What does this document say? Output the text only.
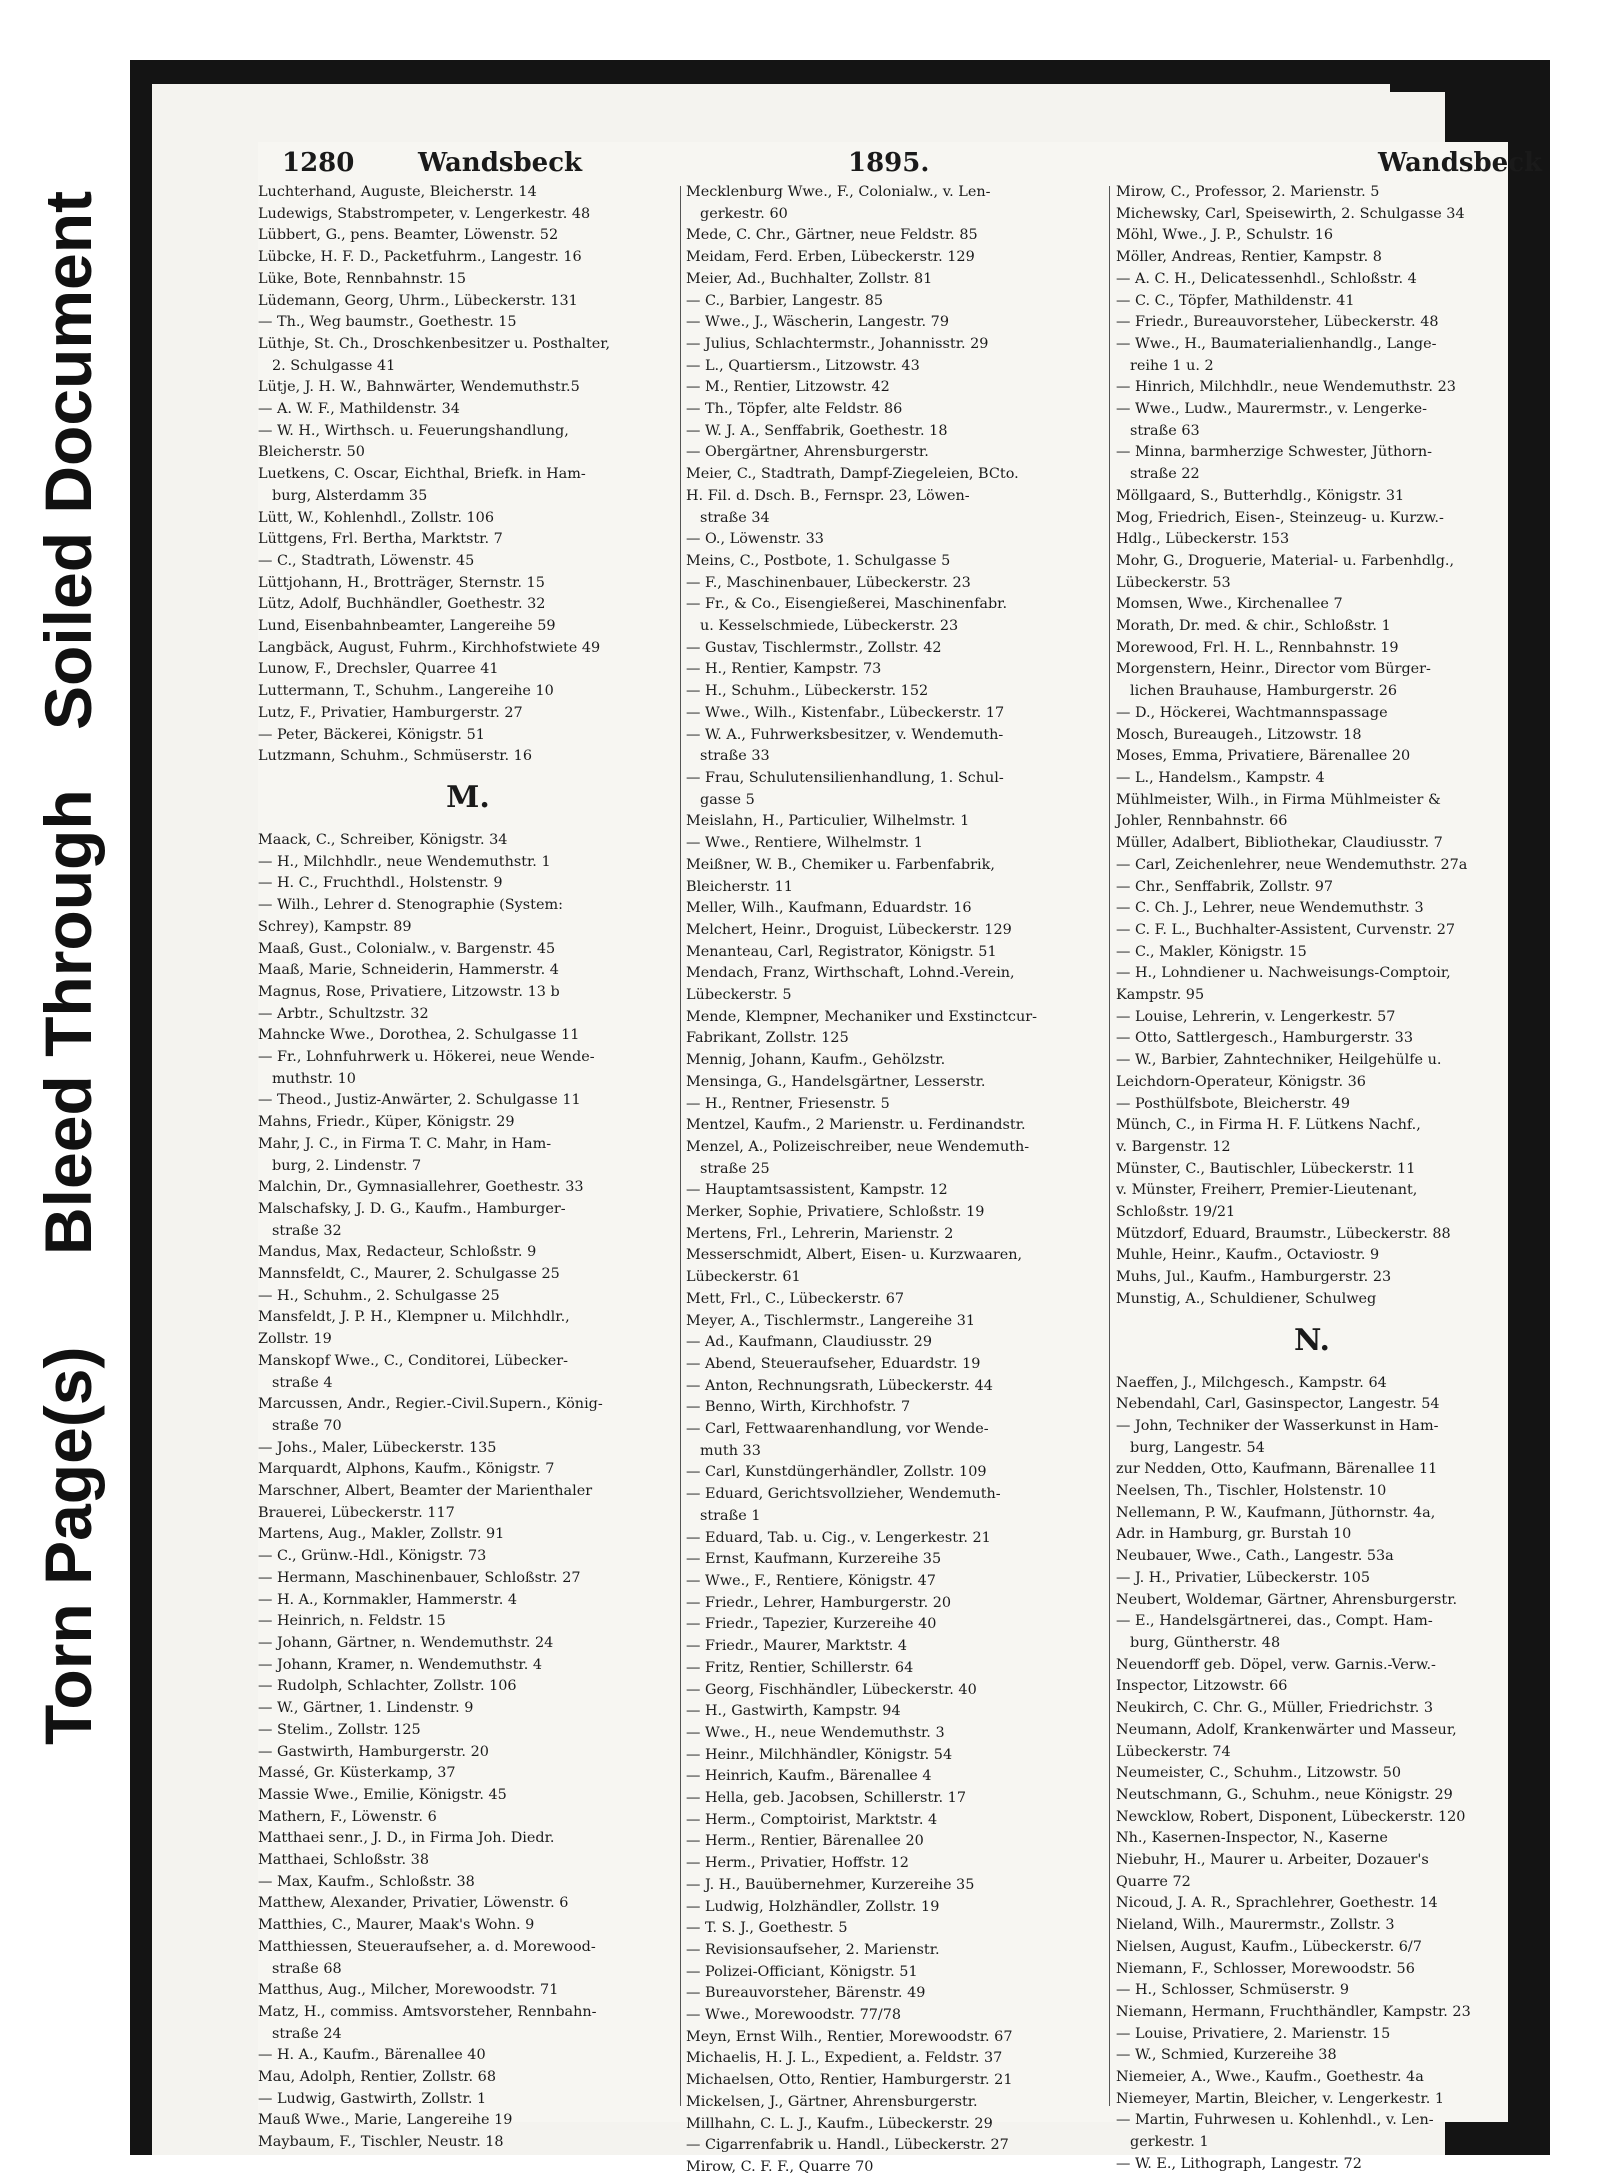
Torn Page(s)
Bleed Through
Soiled Document
1280 Wandsbeck	1895.	Wandsbeck
Luchterhand, Auguste, Bleicherstr. 14
Ludewigs, Stabstrompeter, v. Lengerkestr. 48
Lübbert, G., pens. Beamter, Löwenstr. 52
Lübcke, H. F. D., Packetfuhrm., Langestr. 16
Lüke, Bote, Rennbahnstr. 15
Lüdemann, Georg, Uhrm., Lübeckerstr. 131
— Th., Weg baumstr., Goethestr. 15
Lüthje, St. Ch., Droschkenbesitzer u. Posthalter,
2. Schulgasse 41
Lütje, J. H. W., Bahnwärter, Wendemuthstr.5
— A. W. F., Mathildenstr. 34
— W. H., Wirthsch. u. Feuerungshandlung,
Bleicherstr. 50
Luetkens, C. Oscar, Eichthal, Briefk. in Ham-
burg, Alsterdamm 35
Lütt, W., Kohlenhdl., Zollstr. 106
Lüttgens, Frl. Bertha, Marktstr. 7
— C., Stadtrath, Löwenstr. 45
Lüttjohann, H., Brotträger, Sternstr. 15
Lütz, Adolf, Buchhändler, Goethestr. 32
Lund, Eisenbahnbeamter, Langereihe 59
Langbäck, August, Fuhrm., Kirchhofstwiete 49
Lunow, F., Drechsler, Quarree 41
Luttermann, T., Schuhm., Langereihe 10
Lutz, F., Privatier, Hamburgerstr. 27
— Peter, Bäckerei, Königstr. 51
Lutzmann, Schuhm., Schmüserstr. 16
M.
Maack, C., Schreiber, Königstr. 34
— H., Milchhdlr., neue Wendemuthstr. 1
— H. C., Fruchthdl., Holstenstr. 9
— Wilh., Lehrer d. Stenographie (System:
Schrey), Kampstr. 89
Maaß, Gust., Colonialw., v. Bargenstr. 45
Maaß, Marie, Schneiderin, Hammerstr. 4
Magnus, Rose, Privatiere, Litzowstr. 13 b
— Arbtr., Schultzstr. 32
Mahncke Wwe., Dorothea, 2. Schulgasse 11
— Fr., Lohnfuhrwerk u. Hökerei, neue Wende-
muthstr. 10
— Theod., Justiz-Anwärter, 2. Schulgasse 11
Mahns, Friedr., Küper, Königstr. 29
Mahr, J. C., in Firma T. C. Mahr, in Ham-
burg, 2. Lindenstr. 7
Malchin, Dr., Gymnasiallehrer, Goethestr. 33
Malschafsky, J. D. G., Kaufm., Hamburger-
straße 32
Mandus, Max, Redacteur, Schloßstr. 9
Mannsfeldt, C., Maurer, 2. Schulgasse 25
— H., Schuhm., 2. Schulgasse 25
Mansfeldt, J. P. H., Klempner u. Milchhdlr.,
Zollstr. 19
Manskopf Wwe., C., Conditorei, Lübecker-
straße 4
Marcussen, Andr., Regier.-Civil.Supern., König-
straße 70
— Johs., Maler, Lübeckerstr. 135
Marquardt, Alphons, Kaufm., Königstr. 7
Marschner, Albert, Beamter der Marienthaler
Brauerei, Lübeckerstr. 117
Martens, Aug., Makler, Zollstr. 91
— C., Grünw.-Hdl., Königstr. 73
— Hermann, Maschinenbauer, Schloßstr. 27
— H. A., Kornmakler, Hammerstr. 4
— Heinrich, n. Feldstr. 15
— Johann, Gärtner, n. Wendemuthstr. 24
— Johann, Kramer, n. Wendemuthstr. 4
— Rudolph, Schlachter, Zollstr. 106
— W., Gärtner, 1. Lindenstr. 9
— Stelim., Zollstr. 125
— Gastwirth, Hamburgerstr. 20
Massé, Gr. Küsterkamp, 37
Massie Wwe., Emilie, Königstr. 45
Mathern, F., Löwenstr. 6
Matthaei senr., J. D., in Firma Joh. Diedr.
Matthaei, Schloßstr. 38
— Max, Kaufm., Schloßstr. 38
Matthew, Alexander, Privatier, Löwenstr. 6
Matthies, C., Maurer, Maak's Wohn. 9
Matthiessen, Steueraufseher, a. d. Morewood-
straße 68
Matthus, Aug., Milcher, Morewoodstr. 71
Matz, H., commiss. Amtsvorsteher, Rennbahn-
straße 24
— H. A., Kaufm., Bärenallee 40
Mau, Adolph, Rentier, Zollstr. 68
— Ludwig, Gastwirth, Zollstr. 1
Mauß Wwe., Marie, Langereihe 19
Maybaum, F., Tischler, Neustr. 18
Mecklenburg Wwe., F., Colonialw., v. Len-
gerkestr. 60
Mede, C. Chr., Gärtner, neue Feldstr. 85
Meidam, Ferd. Erben, Lübeckerstr. 129
Meier, Ad., Buchhalter, Zollstr. 81
— C., Barbier, Langestr. 85
— Wwe., J., Wäscherin, Langestr. 79
— Julius, Schlachtermstr., Johannisstr. 29
— L., Quartiersm., Litzowstr. 43
— M., Rentier, Litzowstr. 42
— Th., Töpfer, alte Feldstr. 86
— W. J. A., Senffabrik, Goethestr. 18
— Obergärtner, Ahrensburgerstr.
Meier, C., Stadtrath, Dampf-Ziegeleien, BCto.
H. Fil. d. Dsch. B., Fernspr. 23, Löwen-
straße 34
— O., Löwenstr. 33
Meins, C., Postbote, 1. Schulgasse 5
— F., Maschinenbauer, Lübeckerstr. 23
— Fr., & Co., Eisengießerei, Maschinenfabr.
u. Kesselschmiede, Lübeckerstr. 23
— Gustav, Tischlermstr., Zollstr. 42
— H., Rentier, Kampstr. 73
— H., Schuhm., Lübeckerstr. 152
— Wwe., Wilh., Kistenfabr., Lübeckerstr. 17
— W. A., Fuhrwerksbesitzer, v. Wendemuth-
straße 33
— Frau, Schulutensilienhandlung, 1. Schul-
gasse 5
Meislahn, H., Particulier, Wilhelmstr. 1
— Wwe., Rentiere, Wilhelmstr. 1
Meißner, W. B., Chemiker u. Farbenfabrik,
Bleicherstr. 11
Meller, Wilh., Kaufmann, Eduardstr. 16
Melchert, Heinr., Droguist, Lübeckerstr. 129
Menanteau, Carl, Registrator, Königstr. 51
Mendach, Franz, Wirthschaft, Lohnd.-Verein,
Lübeckerstr. 5
Mende, Klempner, Mechaniker und Exstinctcur-
Fabrikant, Zollstr. 125
Mennig, Johann, Kaufm., Gehölzstr.
Mensinga, G., Handelsgärtner, Lesserstr.
— H., Rentner, Friesenstr. 5
Mentzel, Kaufm., 2 Marienstr. u. Ferdinandstr.
Menzel, A., Polizeischreiber, neue Wendemuth-
straße 25
— Hauptamtsassistent, Kampstr. 12
Merker, Sophie, Privatiere, Schloßstr. 19
Mertens, Frl., Lehrerin, Marienstr. 2
Messerschmidt, Albert, Eisen- u. Kurzwaaren,
Lübeckerstr. 61
Mett, Frl., C., Lübeckerstr. 67
Meyer, A., Tischlermstr., Langereihe 31
— Ad., Kaufmann, Claudiusstr. 29
— Abend, Steueraufseher, Eduardstr. 19
— Anton, Rechnungsrath, Lübeckerstr. 44
— Benno, Wirth, Kirchhofstr. 7
— Carl, Fettwaarenhandlung, vor Wende-
muth 33
— Carl, Kunstdüngerhändler, Zollstr. 109
— Eduard, Gerichtsvollzieher, Wendemuth-
straße 1
— Eduard, Tab. u. Cig., v. Lengerkestr. 21
— Ernst, Kaufmann, Kurzereihe 35
— Wwe., F., Rentiere, Königstr. 47
— Friedr., Lehrer, Hamburgerstr. 20
— Friedr., Tapezier, Kurzereihe 40
— Friedr., Maurer, Marktstr. 4
— Fritz, Rentier, Schillerstr. 64
— Georg, Fischhändler, Lübeckerstr. 40
— H., Gastwirth, Kampstr. 94
— Wwe., H., neue Wendemuthstr. 3
— Heinr., Milchhändler, Königstr. 54
— Heinrich, Kaufm., Bärenallee 4
— Hella, geb. Jacobsen, Schillerstr. 17
— Herm., Comptoirist, Marktstr. 4
— Herm., Rentier, Bärenallee 20
— Herm., Privatier, Hoffstr. 12
— J. H., Bauübernehmer, Kurzereihe 35
— Ludwig, Holzhändler, Zollstr. 19
— T. S. J., Goethestr. 5
— Revisionsaufseher, 2. Marienstr.
— Polizei-Officiant, Königstr. 51
— Bureauvorsteher, Bärenstr. 49
— Wwe., Morewoodstr. 77/78
Meyn, Ernst Wilh., Rentier, Morewoodstr. 67
Michaelis, H. J. L., Expedient, a. Feldstr. 37
Michaelsen, Otto, Rentier, Hamburgerstr. 21
Mickelsen, J., Gärtner, Ahrensburgerstr.
Millhahn, C. L. J., Kaufm., Lübeckerstr. 29
— Cigarrenfabrik u. Handl., Lübeckerstr. 27
Mirow, C. F. F., Quarre 70
Mirow, C., Professor, 2. Marienstr. 5
Michewsky, Carl, Speisewirth, 2. Schulgasse 34
Möhl, Wwe., J. P., Schulstr. 16
Möller, Andreas, Rentier, Kampstr. 8
— A. C. H., Delicatessenhdl., Schloßstr. 4
— C. C., Töpfer, Mathildenstr. 41
— Friedr., Bureauvorsteher, Lübeckerstr. 48
— Wwe., H., Baumaterialienhandlg., Lange-
reihe 1 u. 2
— Hinrich, Milchhdlr., neue Wendemuthstr. 23
— Wwe., Ludw., Maurermstr., v. Lengerke-
straße 63
— Minna, barmherzige Schwester, Jüthorn-
straße 22
Möllgaard, S., Butterhdlg., Königstr. 31
Mog, Friedrich, Eisen-, Steinzeug- u. Kurzw.-
Hdlg., Lübeckerstr. 153
Mohr, G., Droguerie, Material- u. Farbenhdlg.,
Lübeckerstr. 53
Momsen, Wwe., Kirchenallee 7
Morath, Dr. med. & chir., Schloßstr. 1
Morewood, Frl. H. L., Rennbahnstr. 19
Morgenstern, Heinr., Director vom Bürger-
lichen Brauhause, Hamburgerstr. 26
— D., Höckerei, Wachtmannspassage
Mosch, Bureaugeh., Litzowstr. 18
Moses, Emma, Privatiere, Bärenallee 20
— L., Handelsm., Kampstr. 4
Mühlmeister, Wilh., in Firma Mühlmeister &
Johler, Rennbahnstr. 66
Müller, Adalbert, Bibliothekar, Claudiusstr. 7
— Carl, Zeichenlehrer, neue Wendemuthstr. 27a
— Chr., Senffabrik, Zollstr. 97
— C. Ch. J., Lehrer, neue Wendemuthstr. 3
— C. F. L., Buchhalter-Assistent, Curvenstr. 27
— C., Makler, Königstr. 15
— H., Lohndiener u. Nachweisungs-Comptoir,
Kampstr. 95
— Louise, Lehrerin, v. Lengerkestr. 57
— Otto, Sattlergesch., Hamburgerstr. 33
— W., Barbier, Zahntechniker, Heilgehülfe u.
Leichdorn-Operateur, Königstr. 36
— Posthülfsbote, Bleicherstr. 49
Münch, C., in Firma H. F. Lütkens Nachf.,
v. Bargenstr. 12
Münster, C., Bautischler, Lübeckerstr. 11
v. Münster, Freiherr, Premier-Lieutenant,
Schloßstr. 19/21
Mützdorf, Eduard, Braumstr., Lübeckerstr. 88
Muhle, Heinr., Kaufm., Octaviostr. 9
Muhs, Jul., Kaufm., Hamburgerstr. 23
Munstig, A., Schuldiener, Schulweg
N.
Naeffen, J., Milchgesch., Kampstr. 64
Nebendahl, Carl, Gasinspector, Langestr. 54
— John, Techniker der Wasserkunst in Ham-
burg, Langestr. 54
zur Nedden, Otto, Kaufmann, Bärenallee 11
Neelsen, Th., Tischler, Holstenstr. 10
Nellemann, P. W., Kaufmann, Jüthornstr. 4a,
Adr. in Hamburg, gr. Burstah 10
Neubauer, Wwe., Cath., Langestr. 53a
— J. H., Privatier, Lübeckerstr. 105
Neubert, Woldemar, Gärtner, Ahrensburgerstr.
— E., Handelsgärtnerei, das., Compt. Ham-
burg, Güntherstr. 48
Neuendorff geb. Döpel, verw. Garnis.-Verw.-
Inspector, Litzowstr. 66
Neukirch, C. Chr. G., Müller, Friedrichstr. 3
Neumann, Adolf, Krankenwärter und Masseur,
Lübeckerstr. 74
Neumeister, C., Schuhm., Litzowstr. 50
Neutschmann, G., Schuhm., neue Königstr. 29
Newcklow, Robert, Disponent, Lübeckerstr. 120
Nh., Kasernen-Inspector, N., Kaserne
Niebuhr, H., Maurer u. Arbeiter, Dozauer's
Quarre 72
Nicoud, J. A. R., Sprachlehrer, Goethestr. 14
Nieland, Wilh., Maurermstr., Zollstr. 3
Nielsen, August, Kaufm., Lübeckerstr. 6/7
Niemann, F., Schlosser, Morewoodstr. 56
— H., Schlosser, Schmüserstr. 9
Niemann, Hermann, Fruchthändler, Kampstr. 23
— Louise, Privatiere, 2. Marienstr. 15
— W., Schmied, Kurzereihe 38
Niemeier, A., Wwe., Kaufm., Goethestr. 4a
Niemeyer, Martin, Bleicher, v. Lengerkestr. 1
— Martin, Fuhrwesen u. Kohlenhdl., v. Len-
gerkestr. 1
— W. E., Lithograph, Langestr. 72
